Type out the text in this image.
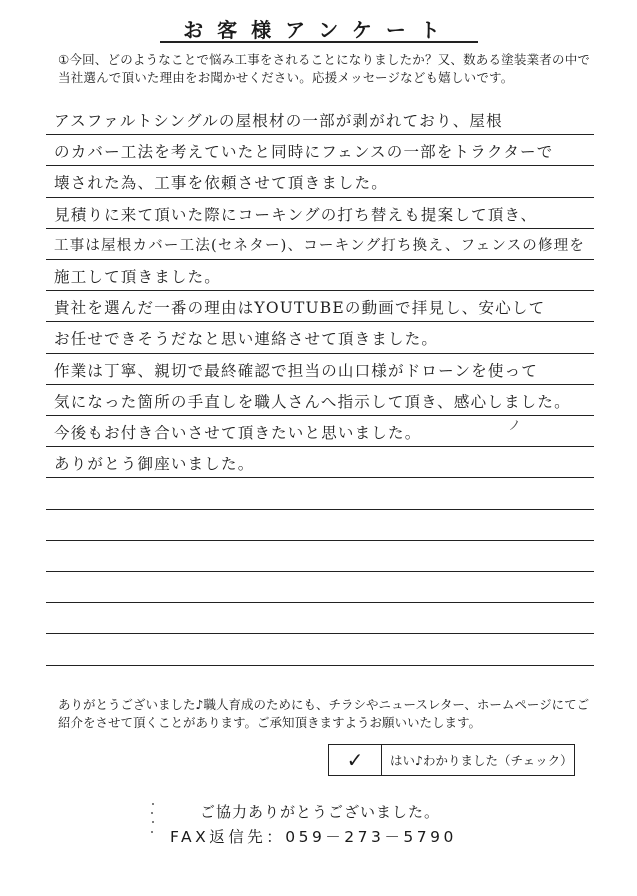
お客様アンケート
①今回、どのようなことで悩み工事をされることになりましたか？又、数ある塗装業者の中で当社選んで頂いた理由をお聞かせください。応援メッセージなども嬉しいです。
アスファルトシングルの屋根材の一部が剥がれており、屋根
のカバー工法を考えていたと同時にフェンスの一部をトラクターで
壊された為、工事を依頼させて頂きました。
見積りに来て頂いた際にコーキングの打ち替えも提案して頂き、
工事は屋根カバー工法(セネター)、コーキング打ち換え、フェンスの修理を
施工して頂きました。
貴社を選んだ一番の理由はYOUTUBEの動画で拝見し、安心して
お任せできそうだなと思い連絡させて頂きました。
作業は丁寧、親切で最終確認で担当の山口様がドローンを使って
気になった箇所の手直しを職人さんへ指示して頂き、感心しました。
今後もお付き合いさせて頂きたいと思いました。
ありがとう御座いました。
ノ
ありがとうございました♪職人育成のためにも、チラシやニュースレター、ホームページにてご紹介をさせて頂くことがあります。ご承知頂きますようお願いいたします。
✓	はい♪わかりました（チェック）
ご協力ありがとうございました。
FAX返信先：059－273－5790
